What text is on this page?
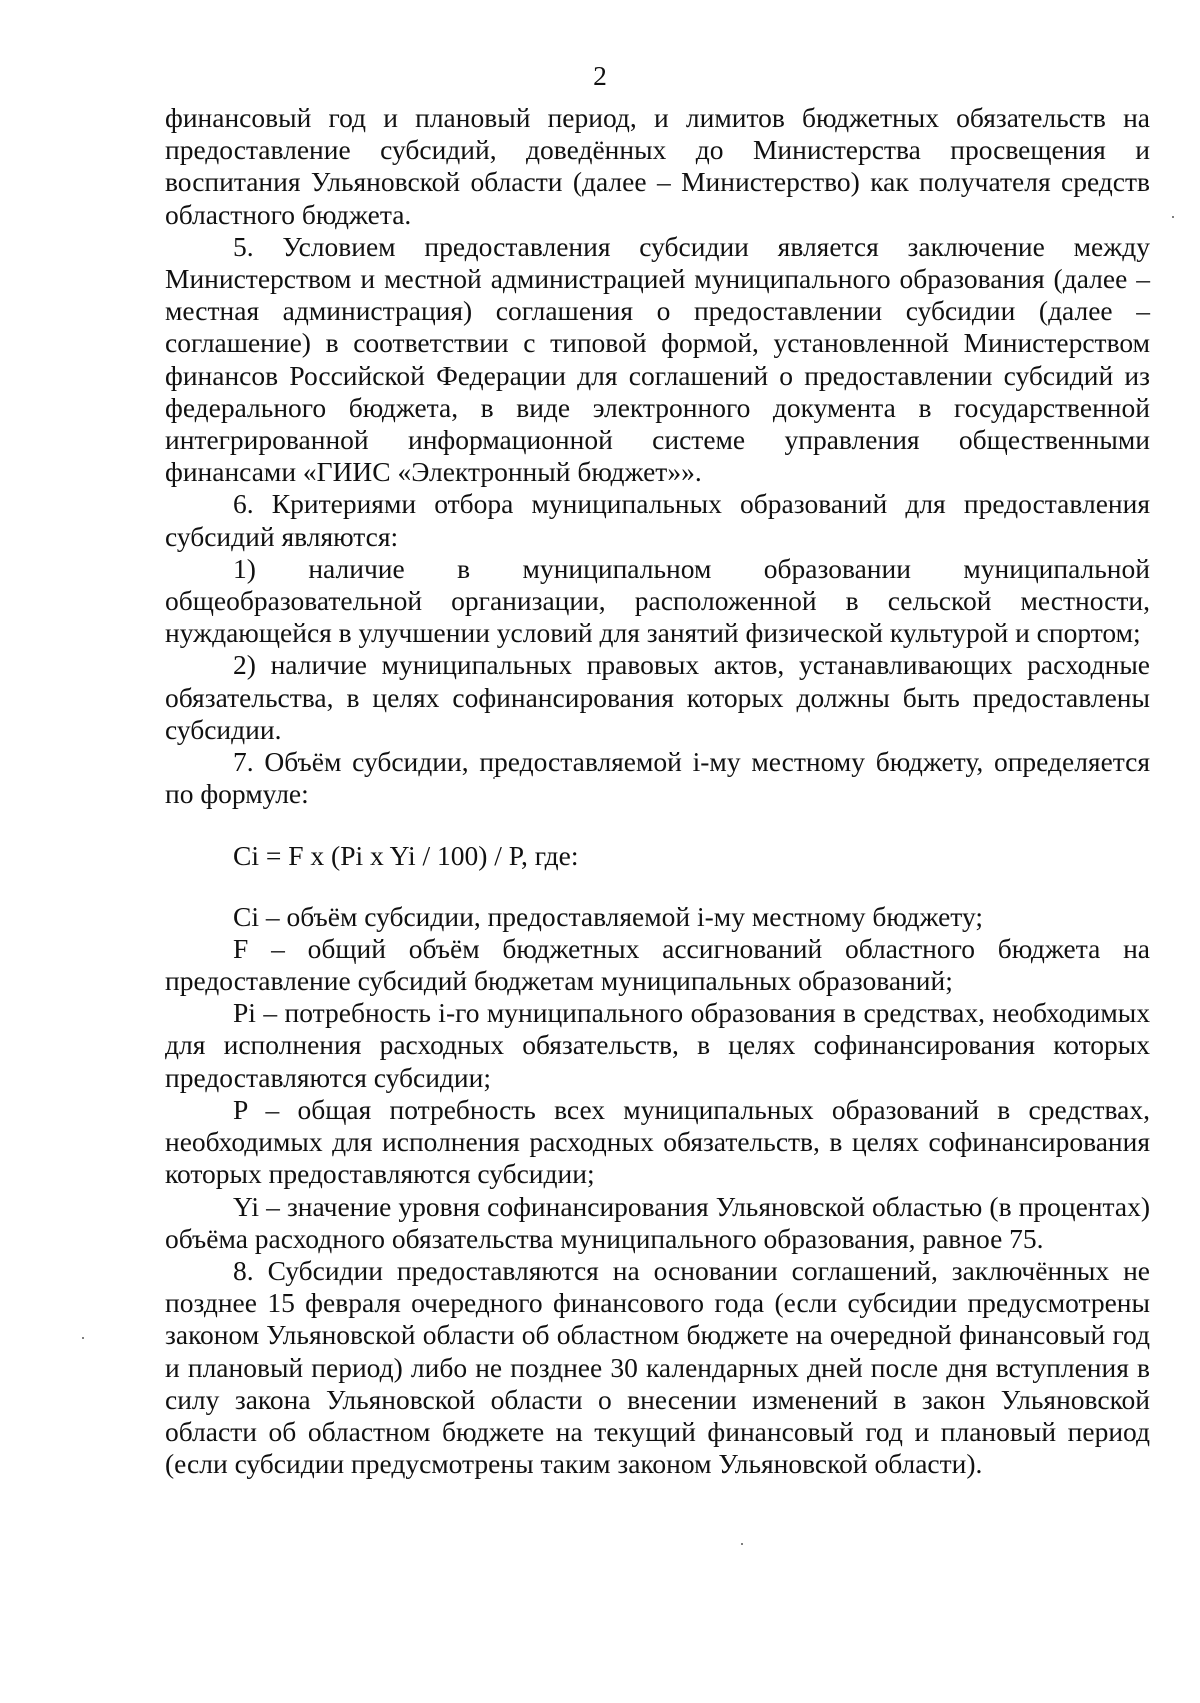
2

финансовый год и плановый период, и лимитов бюджетных обязательств на предоставление субсидий, доведённых до Министерства просвещения и воспитания Ульяновской области (далее – Министерство) как получателя средств областного бюджета.

5. Условием предоставления субсидии является заключение между Министерством и местной администрацией муниципального образования (далее – местная администрация) соглашения о предоставлении субсидии (далее – соглашение) в соответствии с типовой формой, установленной Министерством финансов Российской Федерации для соглашений о предоставлении субсидий из федерального бюджета, в виде электронного документа в государственной интегрированной информационной системе управления общественными финансами «ГИИС «Электронный бюджет»».

6. Критериями отбора муниципальных образований для предоставления субсидий являются:

1) наличие в муниципальном образовании муниципальной общеобразовательной организации, расположенной в сельской местности, нуждающейся в улучшении условий для занятий физической культурой и спортом;

2) наличие муниципальных правовых актов, устанавливающих расходные обязательства, в целях софинансирования которых должны быть предоставлены субсидии.

7. Объём субсидии, предоставляемой i-му местному бюджету, определяется по формуле:

Ci = F x (Pi x Yi / 100) / P, где:

Ci – объём субсидии, предоставляемой i-му местному бюджету;

F – общий объём бюджетных ассигнований областного бюджета на предоставление субсидий бюджетам муниципальных образований;

Pi – потребность i-го муниципального образования в средствах, необходимых для исполнения расходных обязательств, в целях софинансирования которых предоставляются субсидии;

P – общая потребность всех муниципальных образований в средствах, необходимых для исполнения расходных обязательств, в целях софинансирования которых предоставляются субсидии;

Yi – значение уровня софинансирования Ульяновской областью (в процентах) объёма расходного обязательства муниципального образования, равное 75.

8. Субсидии предоставляются на основании соглашений, заключённых не позднее 15 февраля очередного финансового года (если субсидии предусмотрены законом Ульяновской области об областном бюджете на очередной финансовый год и плановый период) либо не позднее 30 календарных дней после дня вступления в силу закона Ульяновской области о внесении изменений в закон Ульяновской области об областном бюджете на текущий финансовый год и плановый период (если субсидии предусмотрены таким законом Ульяновской области).
